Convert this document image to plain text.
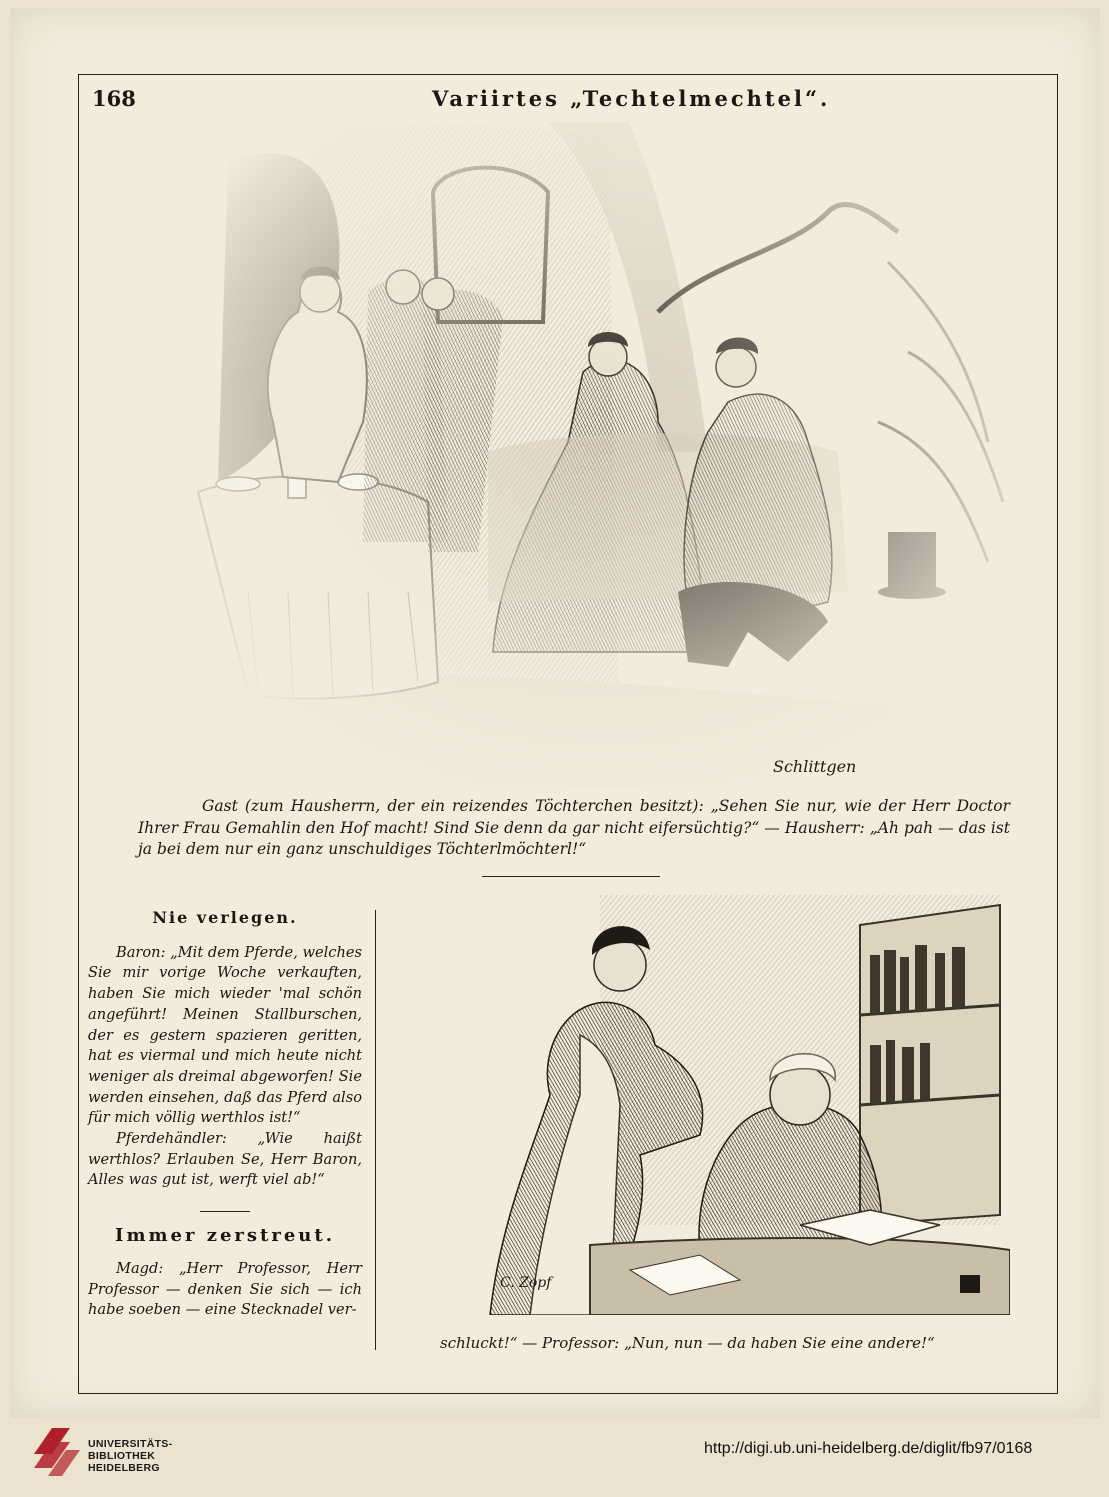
168	Variirtes „Techtelmechtel“.
Schlittgen

Gast (zum Hausherrn, der ein reizendes Töchterchen besitzt): „Sehen Sie nur, wie der Herr Doctor Ihrer Frau Gemahlin den Hof macht! Sind Sie denn da gar nicht eifersüchtig?“ — Hausherr: „Ah pah — das ist ja bei dem nur ein ganz unschuldiges Töchterlmöchterl!“

Nie verlegen.

Baron: „Mit dem Pferde, welches Sie mir vorige Woche verkauften, haben Sie mich wieder 'mal schön angeführt! Meinen Stallburschen, der es gestern spazieren geritten, hat es viermal und mich heute nicht weniger als dreimal abgeworfen! Sie werden einsehen, daß das Pferd also für mich völlig werthlos ist!“

Pferdehändler: „Wie haißt werthlos? Erlauben Se, Herr Baron, Alles was gut ist, werft viel ab!“

Immer zerstreut.

Magd: „Herr Professor, Herr Professor — denken Sie sich — ich habe soeben — eine Stecknadel ver-

C. Zopf
schluckt!“ — Professor: „Nun, nun — da haben Sie eine andere!“
UNIVERSITÄTS-
BIBLIOTHEK
HEIDELBERG
http://digi.ub.uni-heidelberg.de/diglit/fb97/0168
